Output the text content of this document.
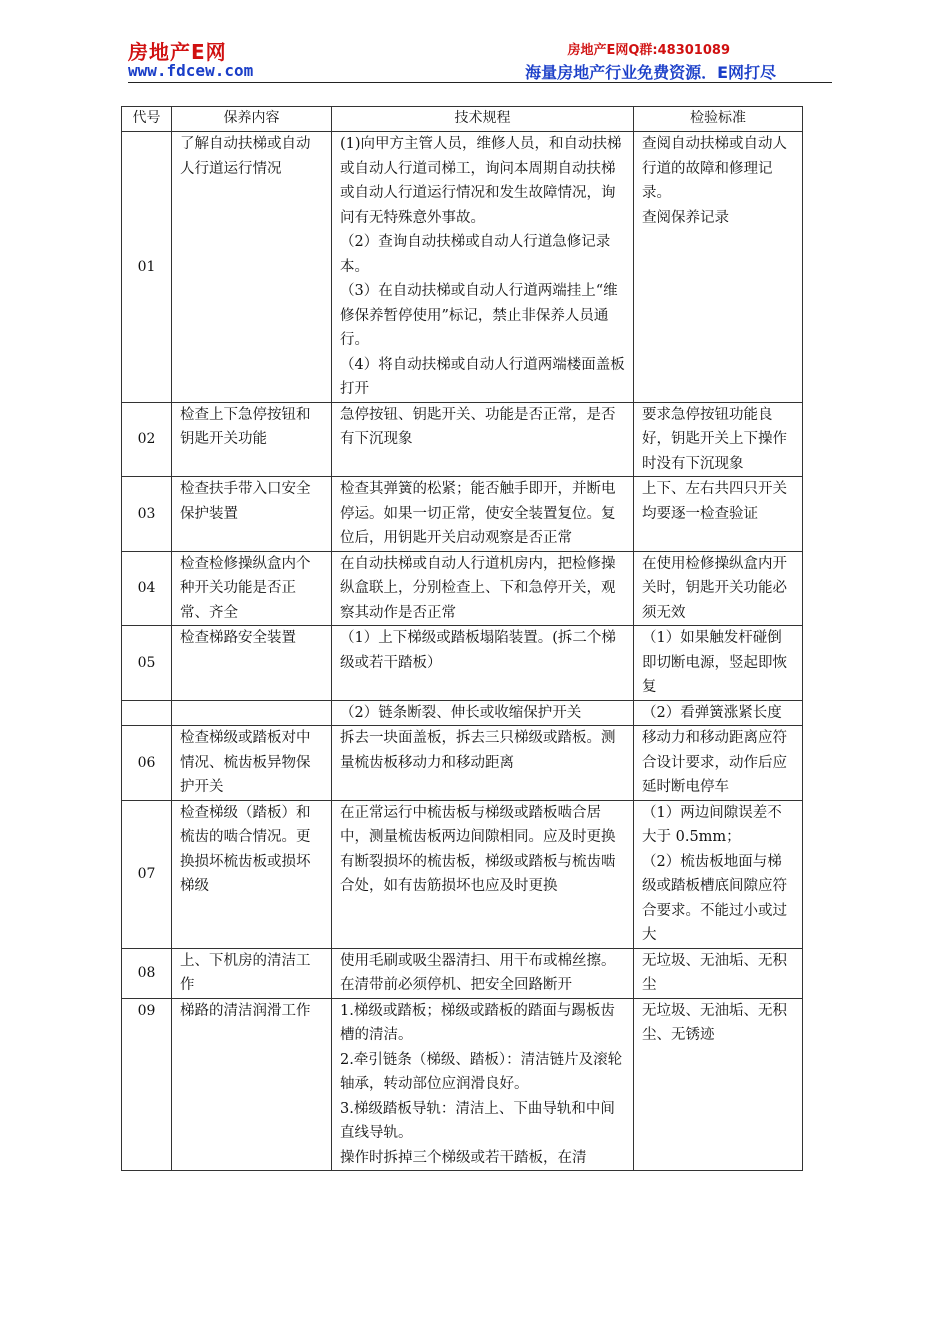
房地产E网
www.fdcew.com
房地产E网Q群:48301089
海量房地产行业免费资源．E网打尽
代号	保养内容	技术规程	检验标准
01	了解自动扶梯或自动人行道运行情况	(1)向甲方主管人员，维修人员，和自动扶梯或自动人行道司梯工，询问本周期自动扶梯或自动人行道运行情况和发生故障情况，询问有无特殊意外事故。
（2）查询自动扶梯或自动人行道急修记录本。
（3）在自动扶梯或自动人行道两端挂上“维修保养暂停使用”标记，禁止非保养人员通行。
（4）将自动扶梯或自动人行道两端楼面盖板打开	查阅自动扶梯或自动人行道的故障和修理记录。
查阅保养记录

02	检查上下急停按钮和钥匙开关功能	急停按钮、钥匙开关、功能是否正常，是否有下沉现象	要求急停按钮功能良好，钥匙开关上下操作时没有下沉现象

03	检查扶手带入口安全保护装置	检查其弹簧的松紧；能否触手即开，并断电停运。如果一切正常，使安全装置复位。复位后，用钥匙开关启动观察是否正常	上下、左右共四只开关均要逐一检查验证

04	检查检修操纵盒内个种开关功能是否正常、齐全	在自动扶梯或自动人行道机房内，把检修操纵盒联上，分别检查上、下和急停开关，观察其动作是否正常	在使用检修操纵盒内开关时，钥匙开关功能必须无效

05	检查梯路安全装置	（1）上下梯级或踏板塌陷装置。(拆二个梯级或若干踏板）	（1）如果触发杆碰倒即切断电源，竖起即恢复

		（2）链条断裂、伸长或收缩保护开关	（2）看弹簧涨紧长度

06	检查梯级或踏板对中情况、梳齿板异物保护开关	拆去一块面盖板，拆去三只梯级或踏板。测量梳齿板移动力和移动距离	移动力和移动距离应符合设计要求，动作后应延时断电停车

07	检查梯级（踏板）和梳齿的啮合情况。更换损坏梳齿板或损坏梯级	在正常运行中梳齿板与梯级或踏板啮合居中，测量梳齿板两边间隙相同。应及时更换有断裂损坏的梳齿板，梯级或踏板与梳齿啮合处，如有齿筋损坏也应及时更换	（1）两边间隙误差不大于 0.5mm；
（2）梳齿板地面与梯级或踏板槽底间隙应符合要求。不能过小或过大

08	上、下机房的清洁工作	使用毛刷或吸尘器清扫、用干布或棉丝擦。在清带前必须停机、把安全回路断开	无垃圾、无油垢、无积尘

09	梯路的清洁润滑工作	1.梯级或踏板；梯级或踏板的踏面与踢板齿槽的清洁。
2.牵引链条（梯级、踏板）：清洁链片及滚轮轴承，转动部位应润滑良好。
3.梯级踏板导轨：清洁上、下曲导轨和中间直线导轨。
操作时拆掉三个梯级或若干踏板，在清	无垃圾、无油垢、无积尘、无锈迹
